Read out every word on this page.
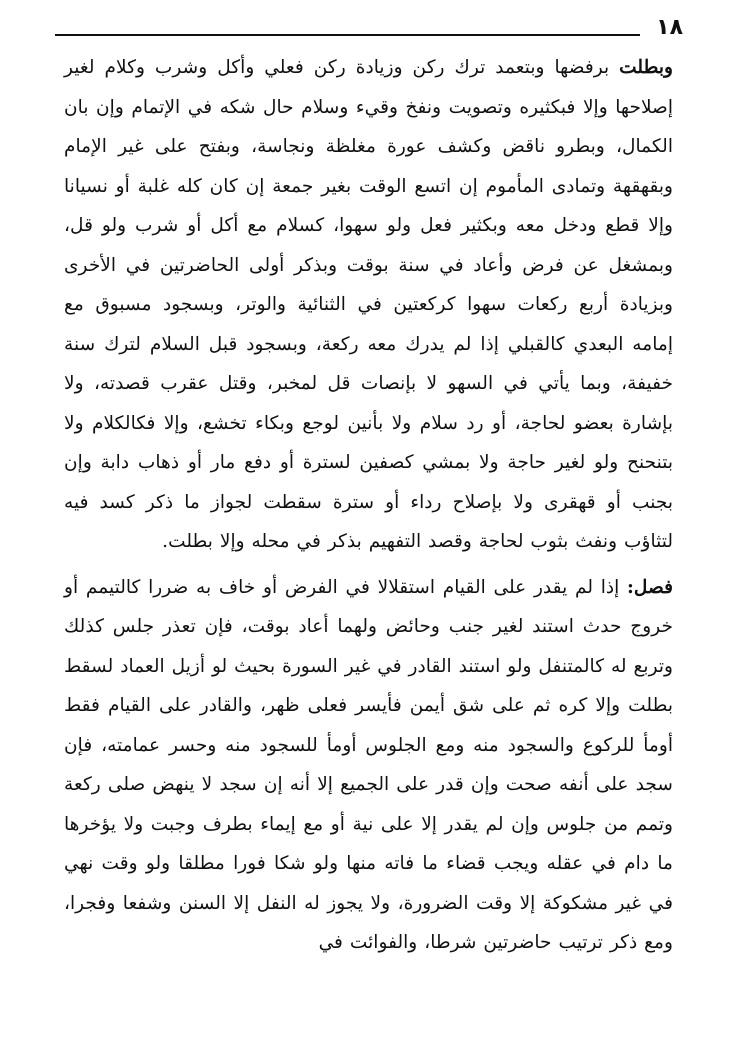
١٨

وبطلت برفضها وبتعمد ترك ركن وزيادة ركن فعلي وأكل وشرب وكلام لغير إصلاحها وإلا فبكثيره وتصويت ونفخ وقيء وسلام حال شكه في الإتمام وإن بان الكمال، وبطرو ناقض وكشف عورة مغلظة ونجاسة، وبفتح على غير الإمام وبقهقهة وتمادى المأموم إن اتسع الوقت بغير جمعة إن كان كله غلبة أو نسيانا وإلا قطع ودخل معه وبكثير فعل ولو سهوا، كسلام مع أكل أو شرب ولو قل، وبمشغل عن فرض وأعاد في سنة بوقت وبذكر أولى الحاضرتين في الأخرى وبزيادة أربع ركعات سهوا كركعتين في الثنائية والوتر، وبسجود مسبوق مع إمامه البعدي كالقبلي إذا لم يدرك معه ركعة، وبسجود قبل السلام لترك سنة خفيفة، وبما يأتي في السهو لا بإنصات قل لمخبر، وقتل عقرب قصدته، ولا بإشارة بعضو لحاجة، أو رد سلام ولا بأنين لوجع وبكاء تخشع، وإلا فكالكلام ولا بتنحنح ولو لغير حاجة ولا بمشي كصفين لسترة أو دفع مار أو ذهاب دابة وإن بجنب أو قهقرى ولا بإصلاح رداء أو سترة سقطت لجواز ما ذكر كسد فيه لتثاؤب ونفث بثوب لحاجة وقصد التفهيم بذكر في محله وإلا بطلت.

فصل: إذا لم يقدر على القيام استقلالا في الفرض أو خاف به ضررا كالتيمم أو خروج حدث استند لغير جنب وحائض ولهما أعاد بوقت، فإن تعذر جلس كذلك وتربع له كالمتنفل ولو استند القادر في غير السورة بحيث لو أزيل العماد لسقط بطلت وإلا كره ثم على شق أيمن فأيسر فعلى ظهر، والقادر على القيام فقط أومأ للركوع والسجود منه ومع الجلوس أومأ للسجود منه وحسر عمامته، فإن سجد على أنفه صحت وإن قدر على الجميع إلا أنه إن سجد لا ينهض صلى ركعة وتمم من جلوس وإن لم يقدر إلا على نية أو مع إيماء بطرف وجبت ولا يؤخرها ما دام في عقله ويجب قضاء ما فاته منها ولو شكا فورا مطلقا ولو وقت نهي في غير مشكوكة إلا وقت الضرورة، ولا يجوز له النفل إلا السنن وشفعا وفجرا، ومع ذكر ترتيب حاضرتين شرطا، والفوائت في
